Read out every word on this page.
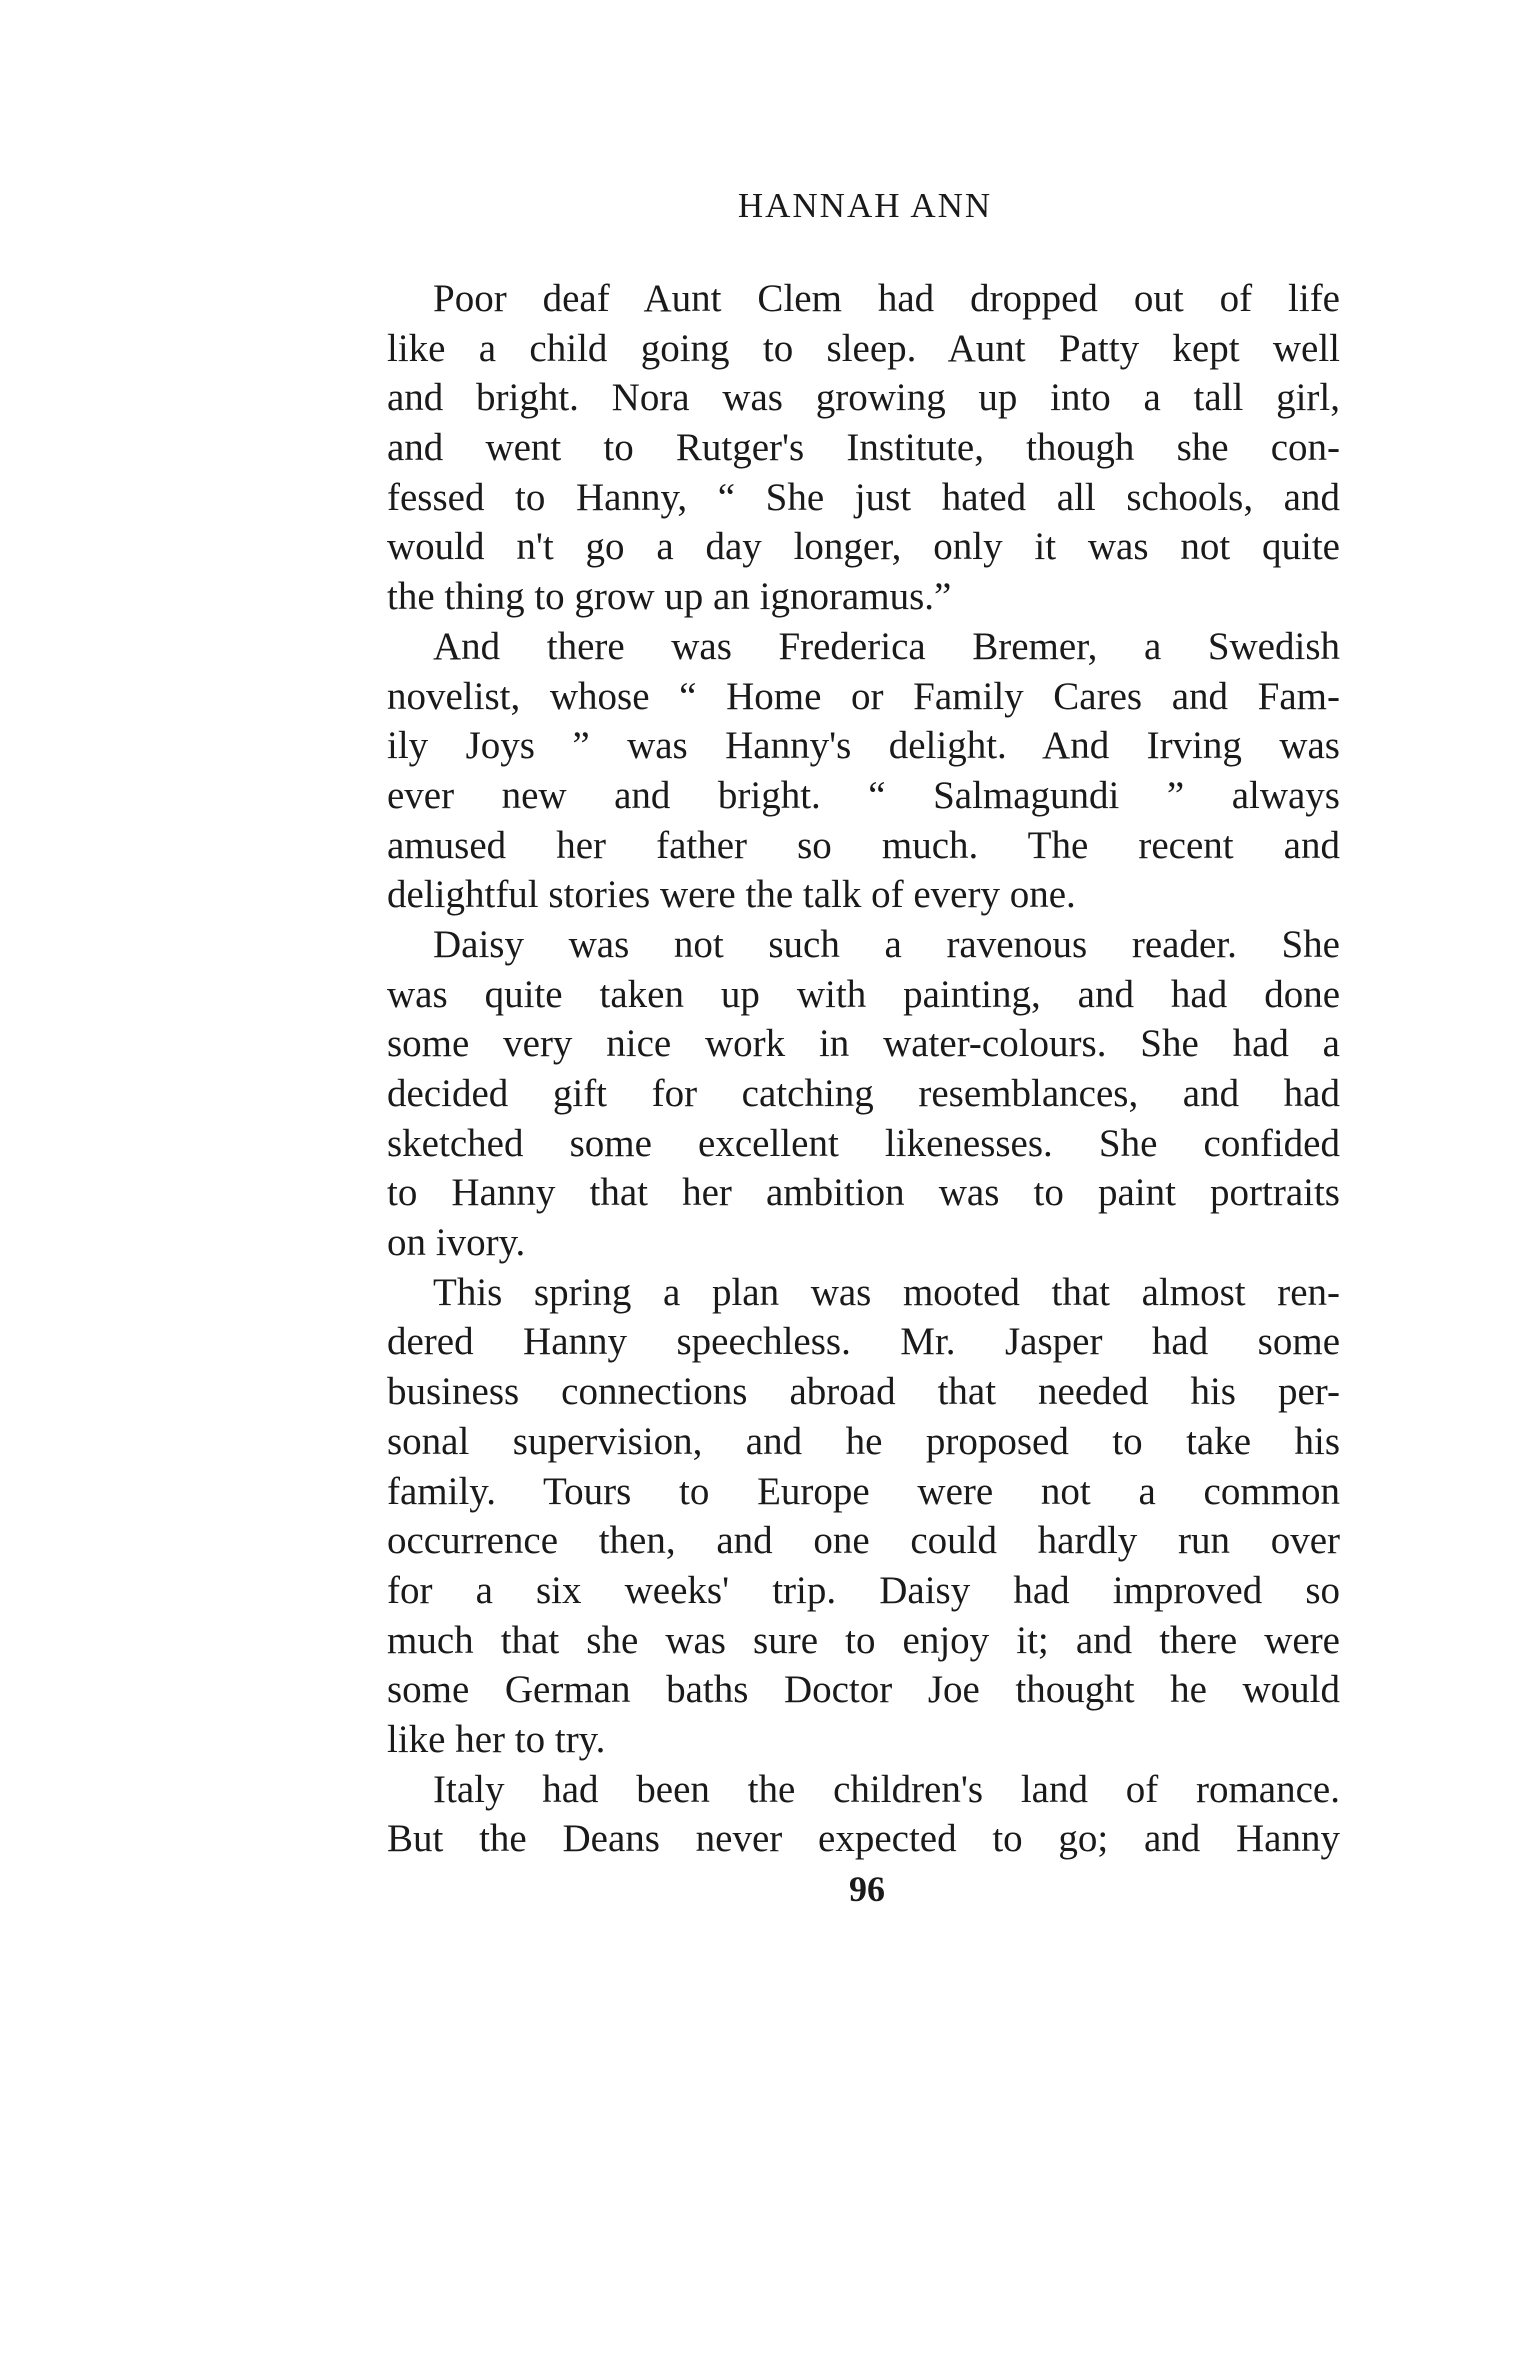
HANNAH ANN
Poor deaf Aunt Clem had dropped out of life
like a child going to sleep. Aunt Patty kept well
and bright. Nora was growing up into a tall girl,
and went to Rutger's Institute, though she con-
fessed to Hanny, “ She just hated all schools, and
would n't go a day longer, only it was not quite
the thing to grow up an ignoramus.”
And there was Frederica Bremer, a Swedish
novelist, whose “ Home or Family Cares and Fam-
ily Joys ” was Hanny's delight. And Irving was
ever new and bright. “ Salmagundi ” always
amused her father so much. The recent and
delightful stories were the talk of every one.
Daisy was not such a ravenous reader. She
was quite taken up with painting, and had done
some very nice work in water-colours. She had a
decided gift for catching resemblances, and had
sketched some excellent likenesses. She confided
to Hanny that her ambition was to paint portraits
on ivory.
This spring a plan was mooted that almost ren-
dered Hanny speechless. Mr. Jasper had some
business connections abroad that needed his per-
sonal supervision, and he proposed to take his
family. Tours to Europe were not a common
occurrence then, and one could hardly run over
for a six weeks' trip. Daisy had improved so
much that she was sure to enjoy it; and there were
some German baths Doctor Joe thought he would
like her to try.
Italy had been the children's land of romance.
But the Deans never expected to go; and Hanny
96
